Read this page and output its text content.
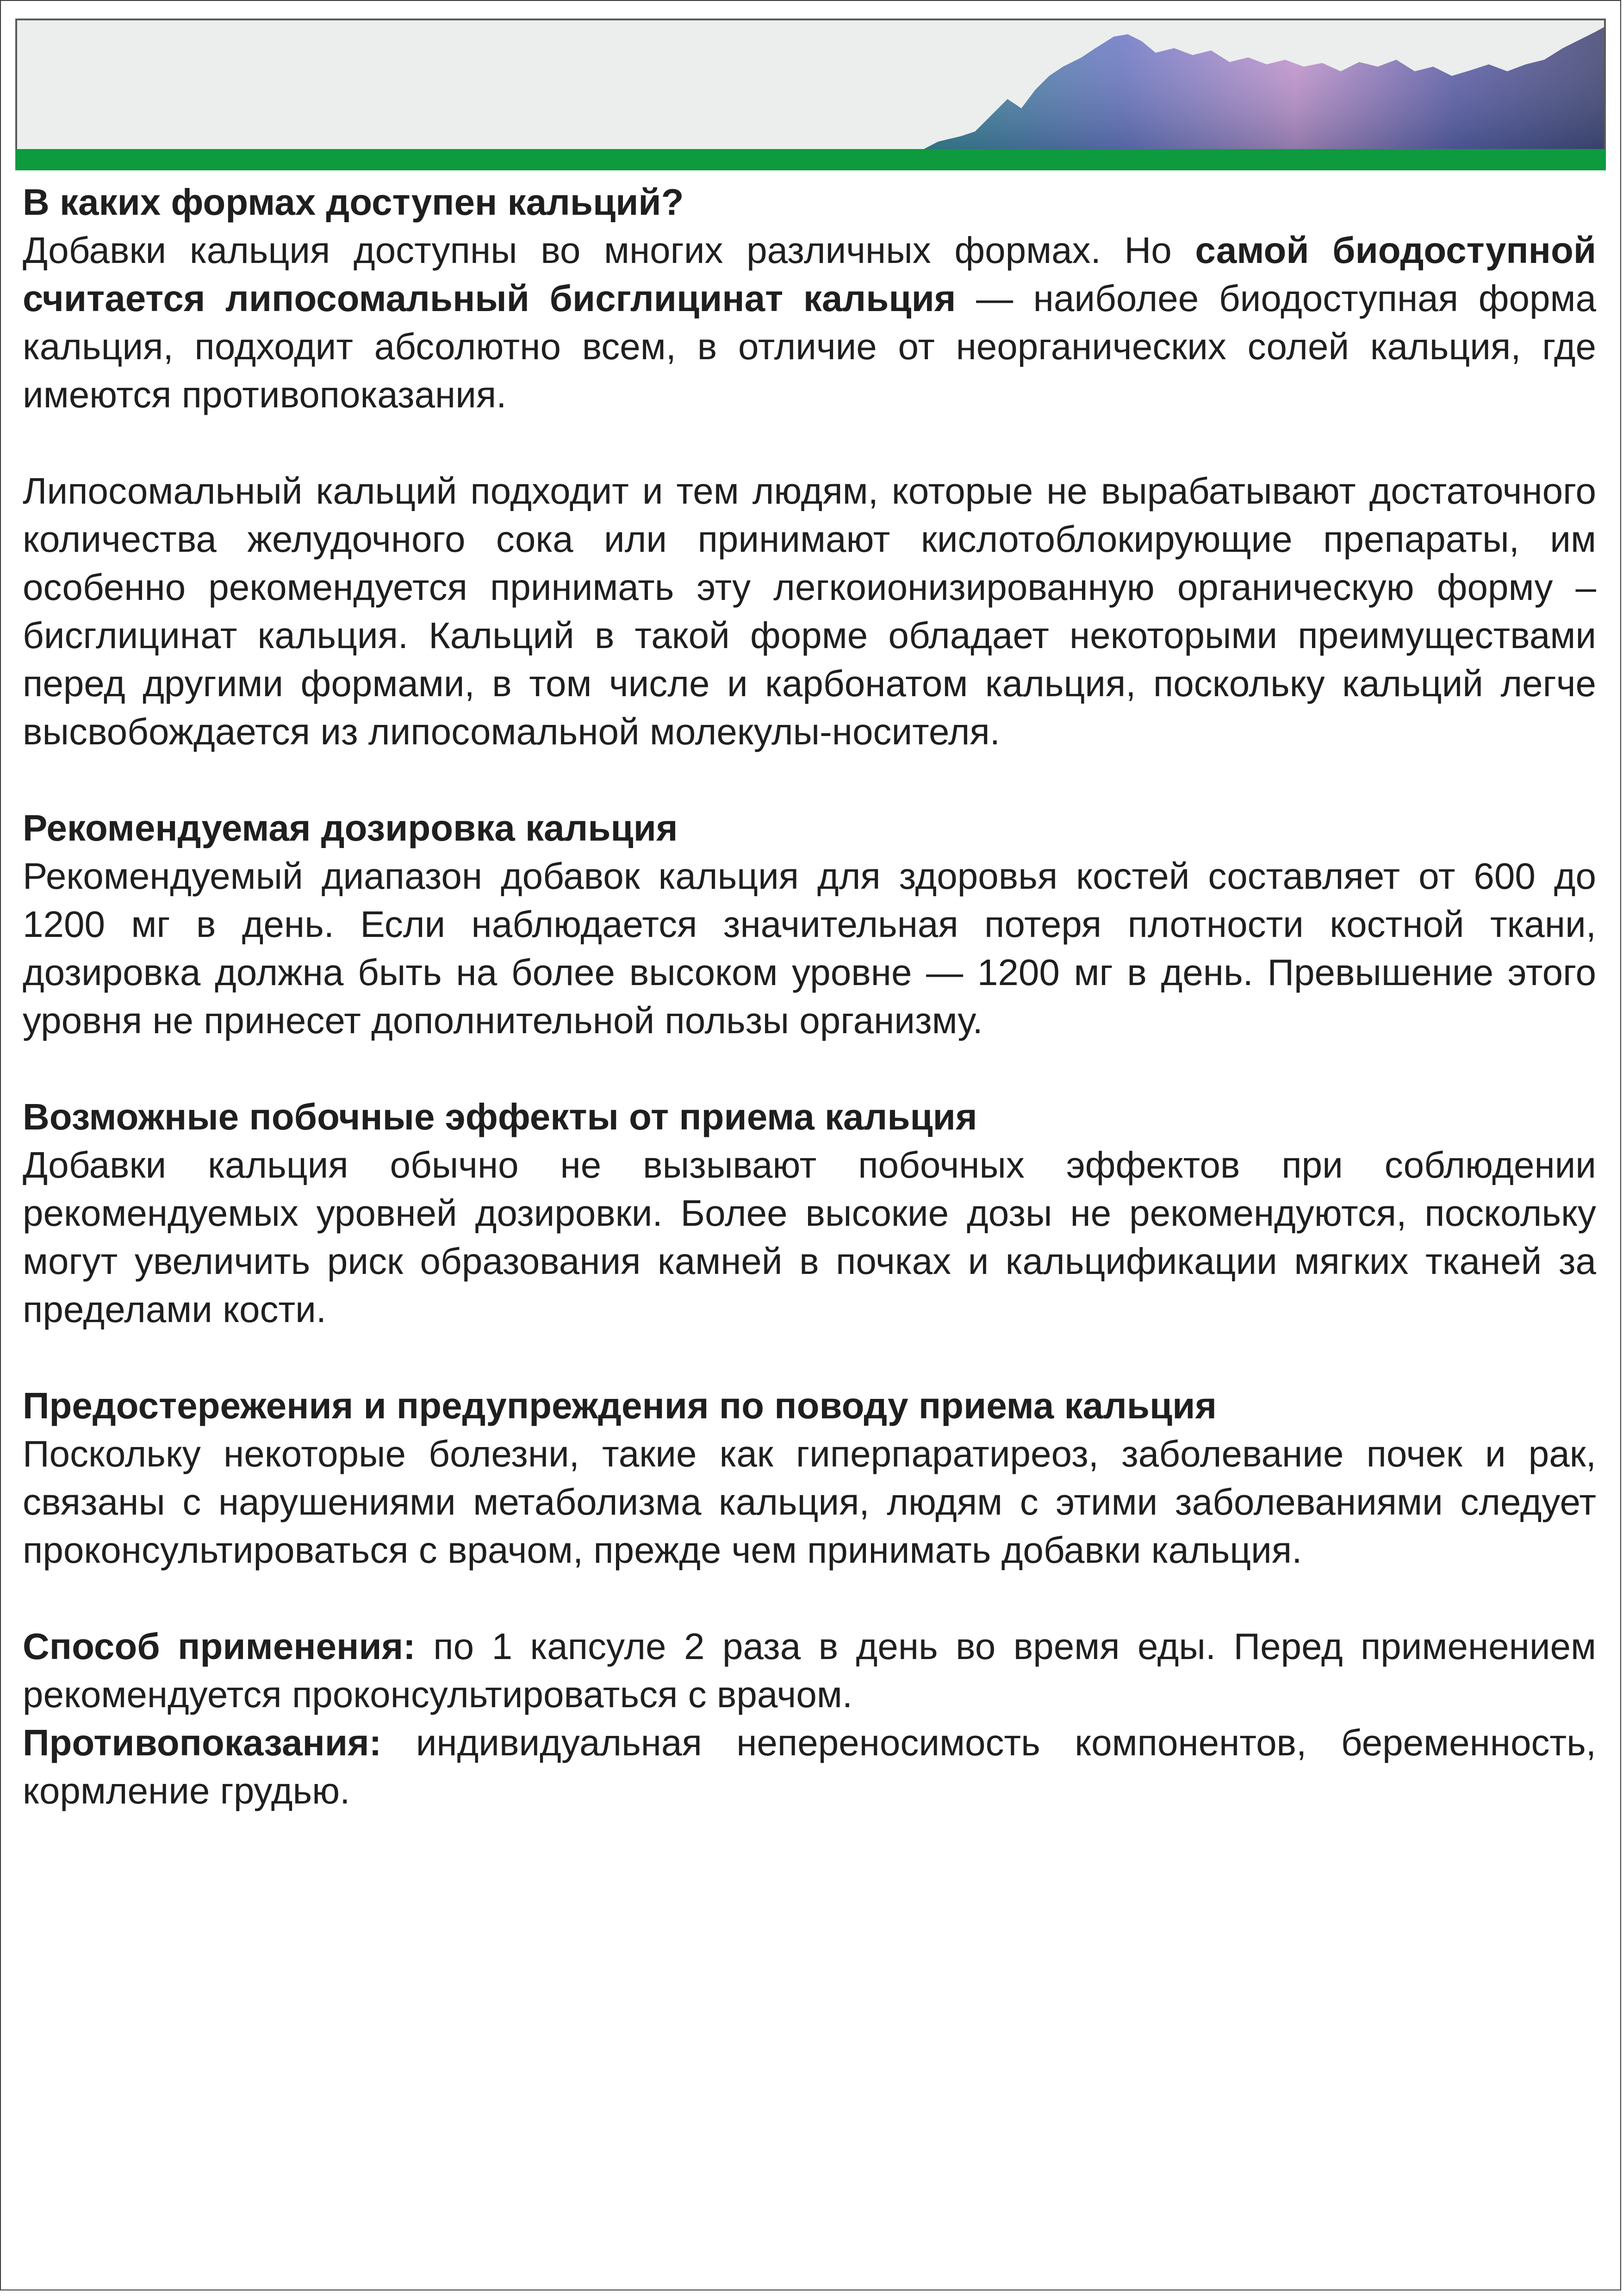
В каких формах доступен кальций?

Добавки кальция доступны во многих различных формах. Но самой биодоступной считается липосомальный бисглицинат кальция — наиболее биодоступная форма кальция, подходит абсолютно всем, в отличие от неорганических солей кальция, где имеются противопоказания.

Липосомальный кальций подходит и тем людям, которые не вырабатывают достаточного количества желудочного сока или принимают кислотоблокирующие препараты, им особенно рекомендуется принимать эту легкоионизированную органическую форму – бисглицинат кальция. Кальций в такой форме обладает некоторыми преимуществами перед другими формами, в том числе и карбонатом кальция, поскольку кальций легче высвобождается из липосомальной молекулы-носителя.

Рекомендуемая дозировка кальция

Рекомендуемый диапазон добавок кальция для здоровья костей составляет от 600 до 1200 мг в день. Если наблюдается значительная потеря плотности костной ткани, дозировка должна быть на более высоком уровне — 1200 мг в день. Превышение этого уровня не принесет дополнительной пользы организму.

Возможные побочные эффекты от приема кальция

Добавки кальция обычно не вызывают побочных эффектов при соблюдении рекомендуемых уровней дозировки. Более высокие дозы не рекомендуются, поскольку могут увеличить риск образования камней в почках и кальцификации мягких тканей за пределами кости.

Предостережения и предупреждения по поводу приема кальция

Поскольку некоторые болезни, такие как гиперпаратиреоз, заболевание почек и рак, связаны с нарушениями метаболизма кальция, людям с этими заболеваниями следует проконсультироваться с врачом, прежде чем принимать добавки кальция.

Способ применения: по 1 капсуле 2 раза в день во время еды. Перед применением рекомендуется проконсультироваться с врачом.

Противопоказания: индивидуальная непереносимость компонентов, беременность, кормление грудью.
